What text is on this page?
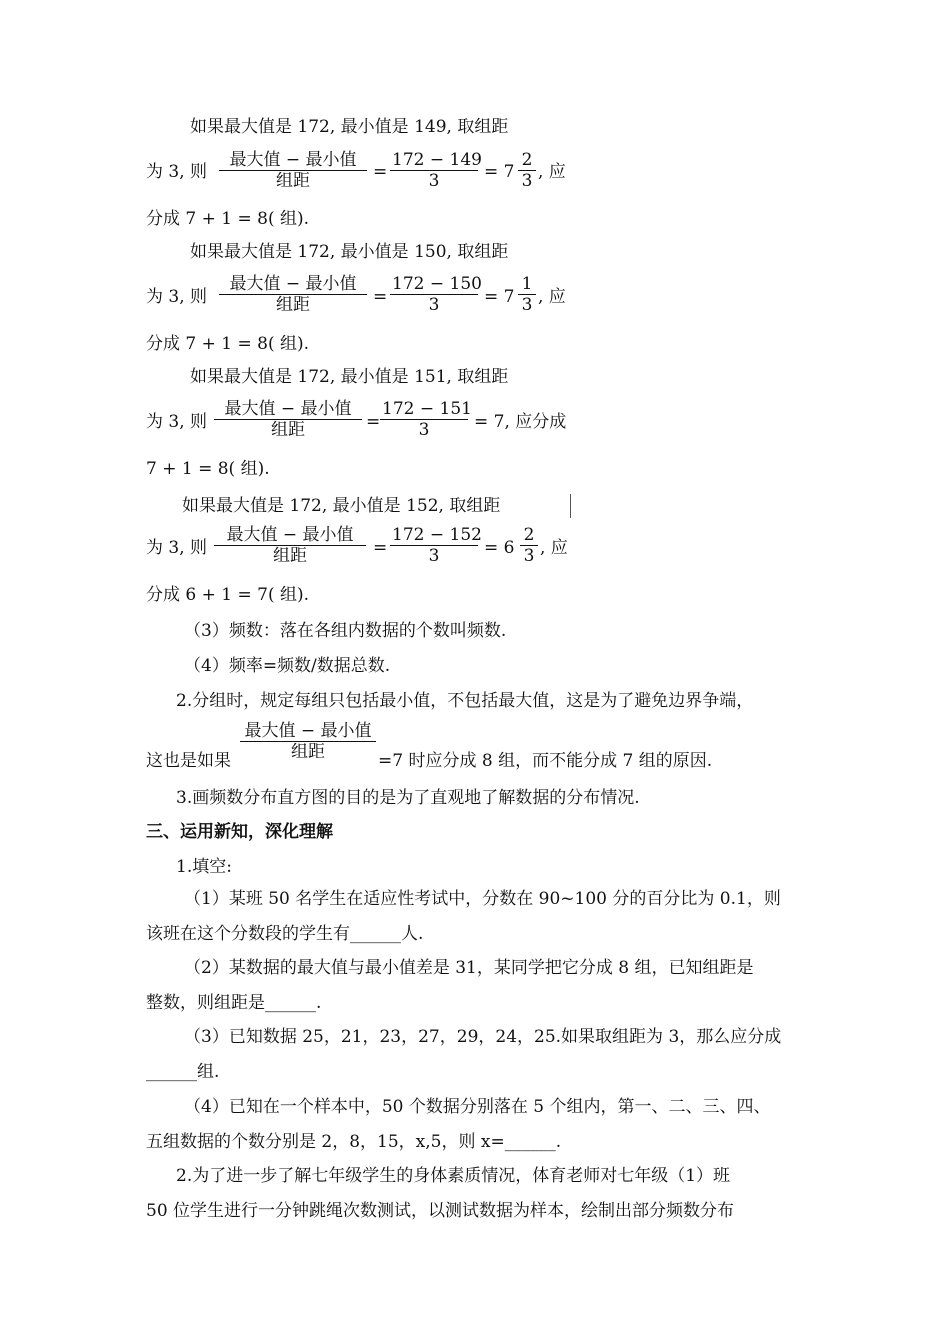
如果最大值是 172, 最小值是 149, 取组距
为 3, 则
最大值 − 最小值
组距	= $\frac{172 - 149}{3} = 7 \frac{2}{3}$ , 应
分成 7 + 1 = 8( 组).
如果最大值是 172, 最小值是 150, 取组距
为 3, 则
最大值 − 最小值
组距	= $\frac{172 - 150}{3} = 7 \frac{1}{3}$ , 应
分成 7 + 1 = 8( 组).
如果最大值是 172, 最小值是 151, 取组距
为 3, 则
最大值 − 最小值
组距	= $\frac{172 - 151}{3} = 7$, 应分成
7 + 1 = 8( 组).
如果最大值是 172, 最小值是 152, 取组距
为 3, 则
最大值 − 最小值
组距	= $\frac{172 - 152}{3} = 6 \frac{2}{3}$ , 应
分成 6 + 1 = 7( 组).
（3）频数：落在各组内数据的个数叫频数.
（4）频率=频数/数据总数.
2.分组时，规定每组只包括最小值，不包括最大值，这是为了避免边界争端，
这也是如果
最大值 − 最小值
组距	=7 时应分成 8 组，而不能分成 7 组的原因.
3.画频数分布直方图的目的是为了直观地了解数据的分布情况.
三、运用新知，深化理解
1.填空:
（1）某班 50 名学生在适应性考试中，分数在 90~100 分的百分比为 0.1，则
该班在这个分数段的学生有______人.
（2）某数据的最大值与最小值差是 31，某同学把它分成 8 组，已知组距是
整数，则组距是______.
（3）已知数据 25，21，23，27，29，24，25.如果取组距为 3，那么应分成
______组.
（4）已知在一个样本中，50 个数据分别落在 5 个组内，第一、二、三、四、
五组数据的个数分别是 2，8，15，x,5，则 x=______.
2.为了进一步了解七年级学生的身体素质情况，体育老师对七年级（1）班
50 位学生进行一分钟跳绳次数测试，以测试数据为样本，绘制出部分频数分布
